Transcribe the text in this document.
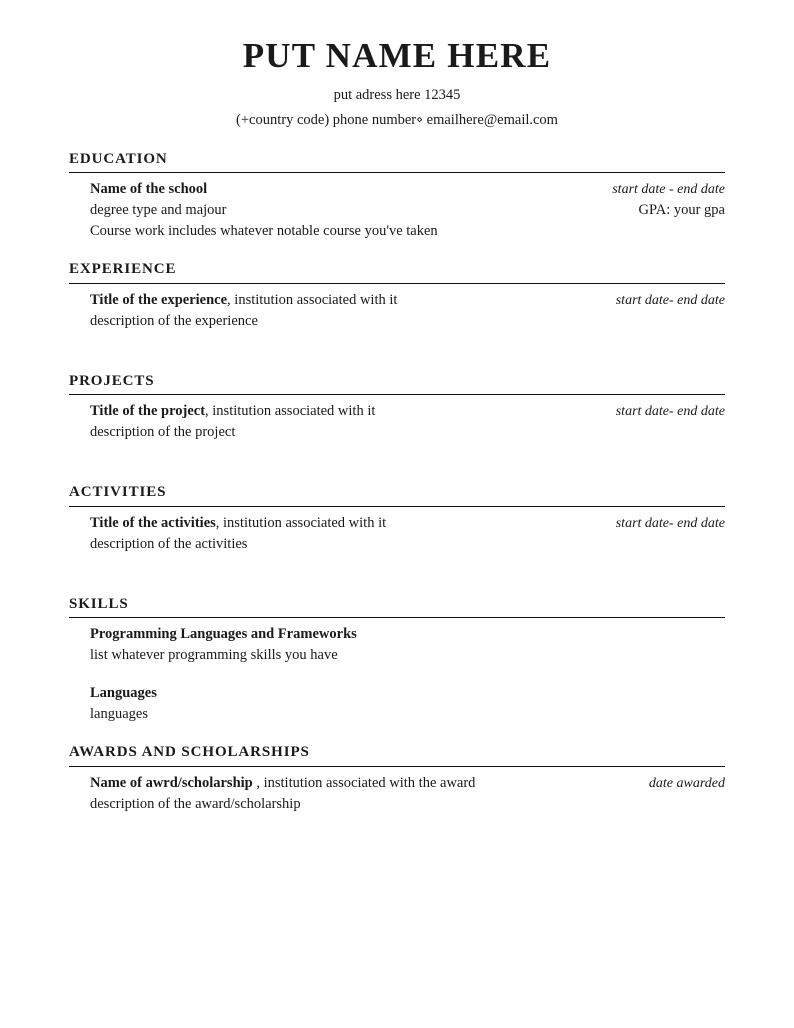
PUT NAME HERE

put adress here 12345

(+country code) phone number⋄ emailhere@email.com

EDUCATION
Name of the school	start date - end date
degree type and majour	GPA: your gpa
Course work includes whatever notable course you've taken
EXPERIENCE
Title of the experience, institution associated with it	start date- end date
description of the experience
PROJECTS
Title of the project, institution associated with it	start date- end date
description of the project
ACTIVITIES
Title of the activities, institution associated with it	start date- end date
description of the activities
SKILLS
Programming Languages and Frameworks
list whatever programming skills you have
Languages
languages
AWARDS AND SCHOLARSHIPS
Name of awrd/scholarship , institution associated with the award	date awarded
description of the award/scholarship
